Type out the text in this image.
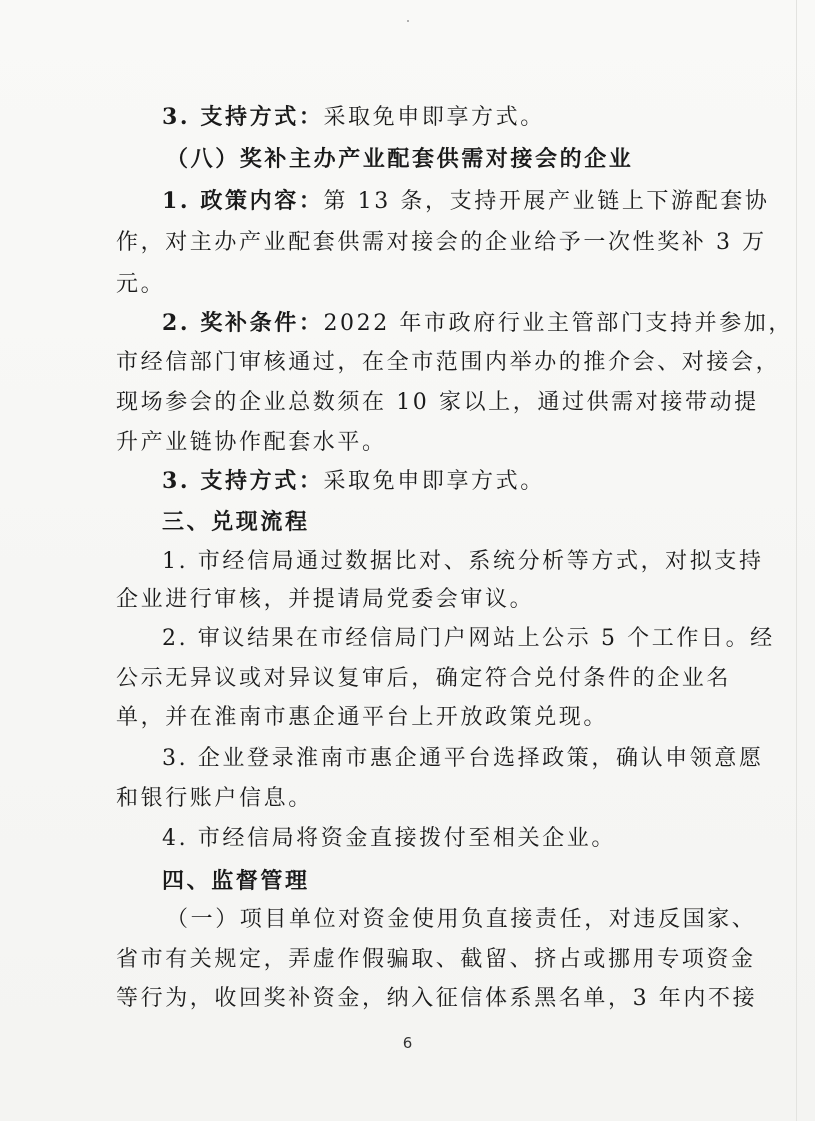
3. 支持方式：采取免申即享方式。
（八）奖补主办产业配套供需对接会的企业
1. 政策内容：第 13 条，支持开展产业链上下游配套协
作，对主办产业配套供需对接会的企业给予一次性奖补 3 万
元。
2. 奖补条件：2022 年市政府行业主管部门支持并参加，
市经信部门审核通过，在全市范围内举办的推介会、对接会，
现场参会的企业总数须在 10 家以上，通过供需对接带动提
升产业链协作配套水平。
3. 支持方式：采取免申即享方式。
三、兑现流程
1. 市经信局通过数据比对、系统分析等方式，对拟支持
企业进行审核，并提请局党委会审议。
2. 审议结果在市经信局门户网站上公示 5 个工作日。经
公示无异议或对异议复审后，确定符合兑付条件的企业名
单，并在淮南市惠企通平台上开放政策兑现。
3. 企业登录淮南市惠企通平台选择政策，确认申领意愿
和银行账户信息。
4. 市经信局将资金直接拨付至相关企业。
四、监督管理
（一）项目单位对资金使用负直接责任，对违反国家、
省市有关规定，弄虚作假骗取、截留、挤占或挪用专项资金
等行为，收回奖补资金，纳入征信体系黑名单，3 年内不接
6
